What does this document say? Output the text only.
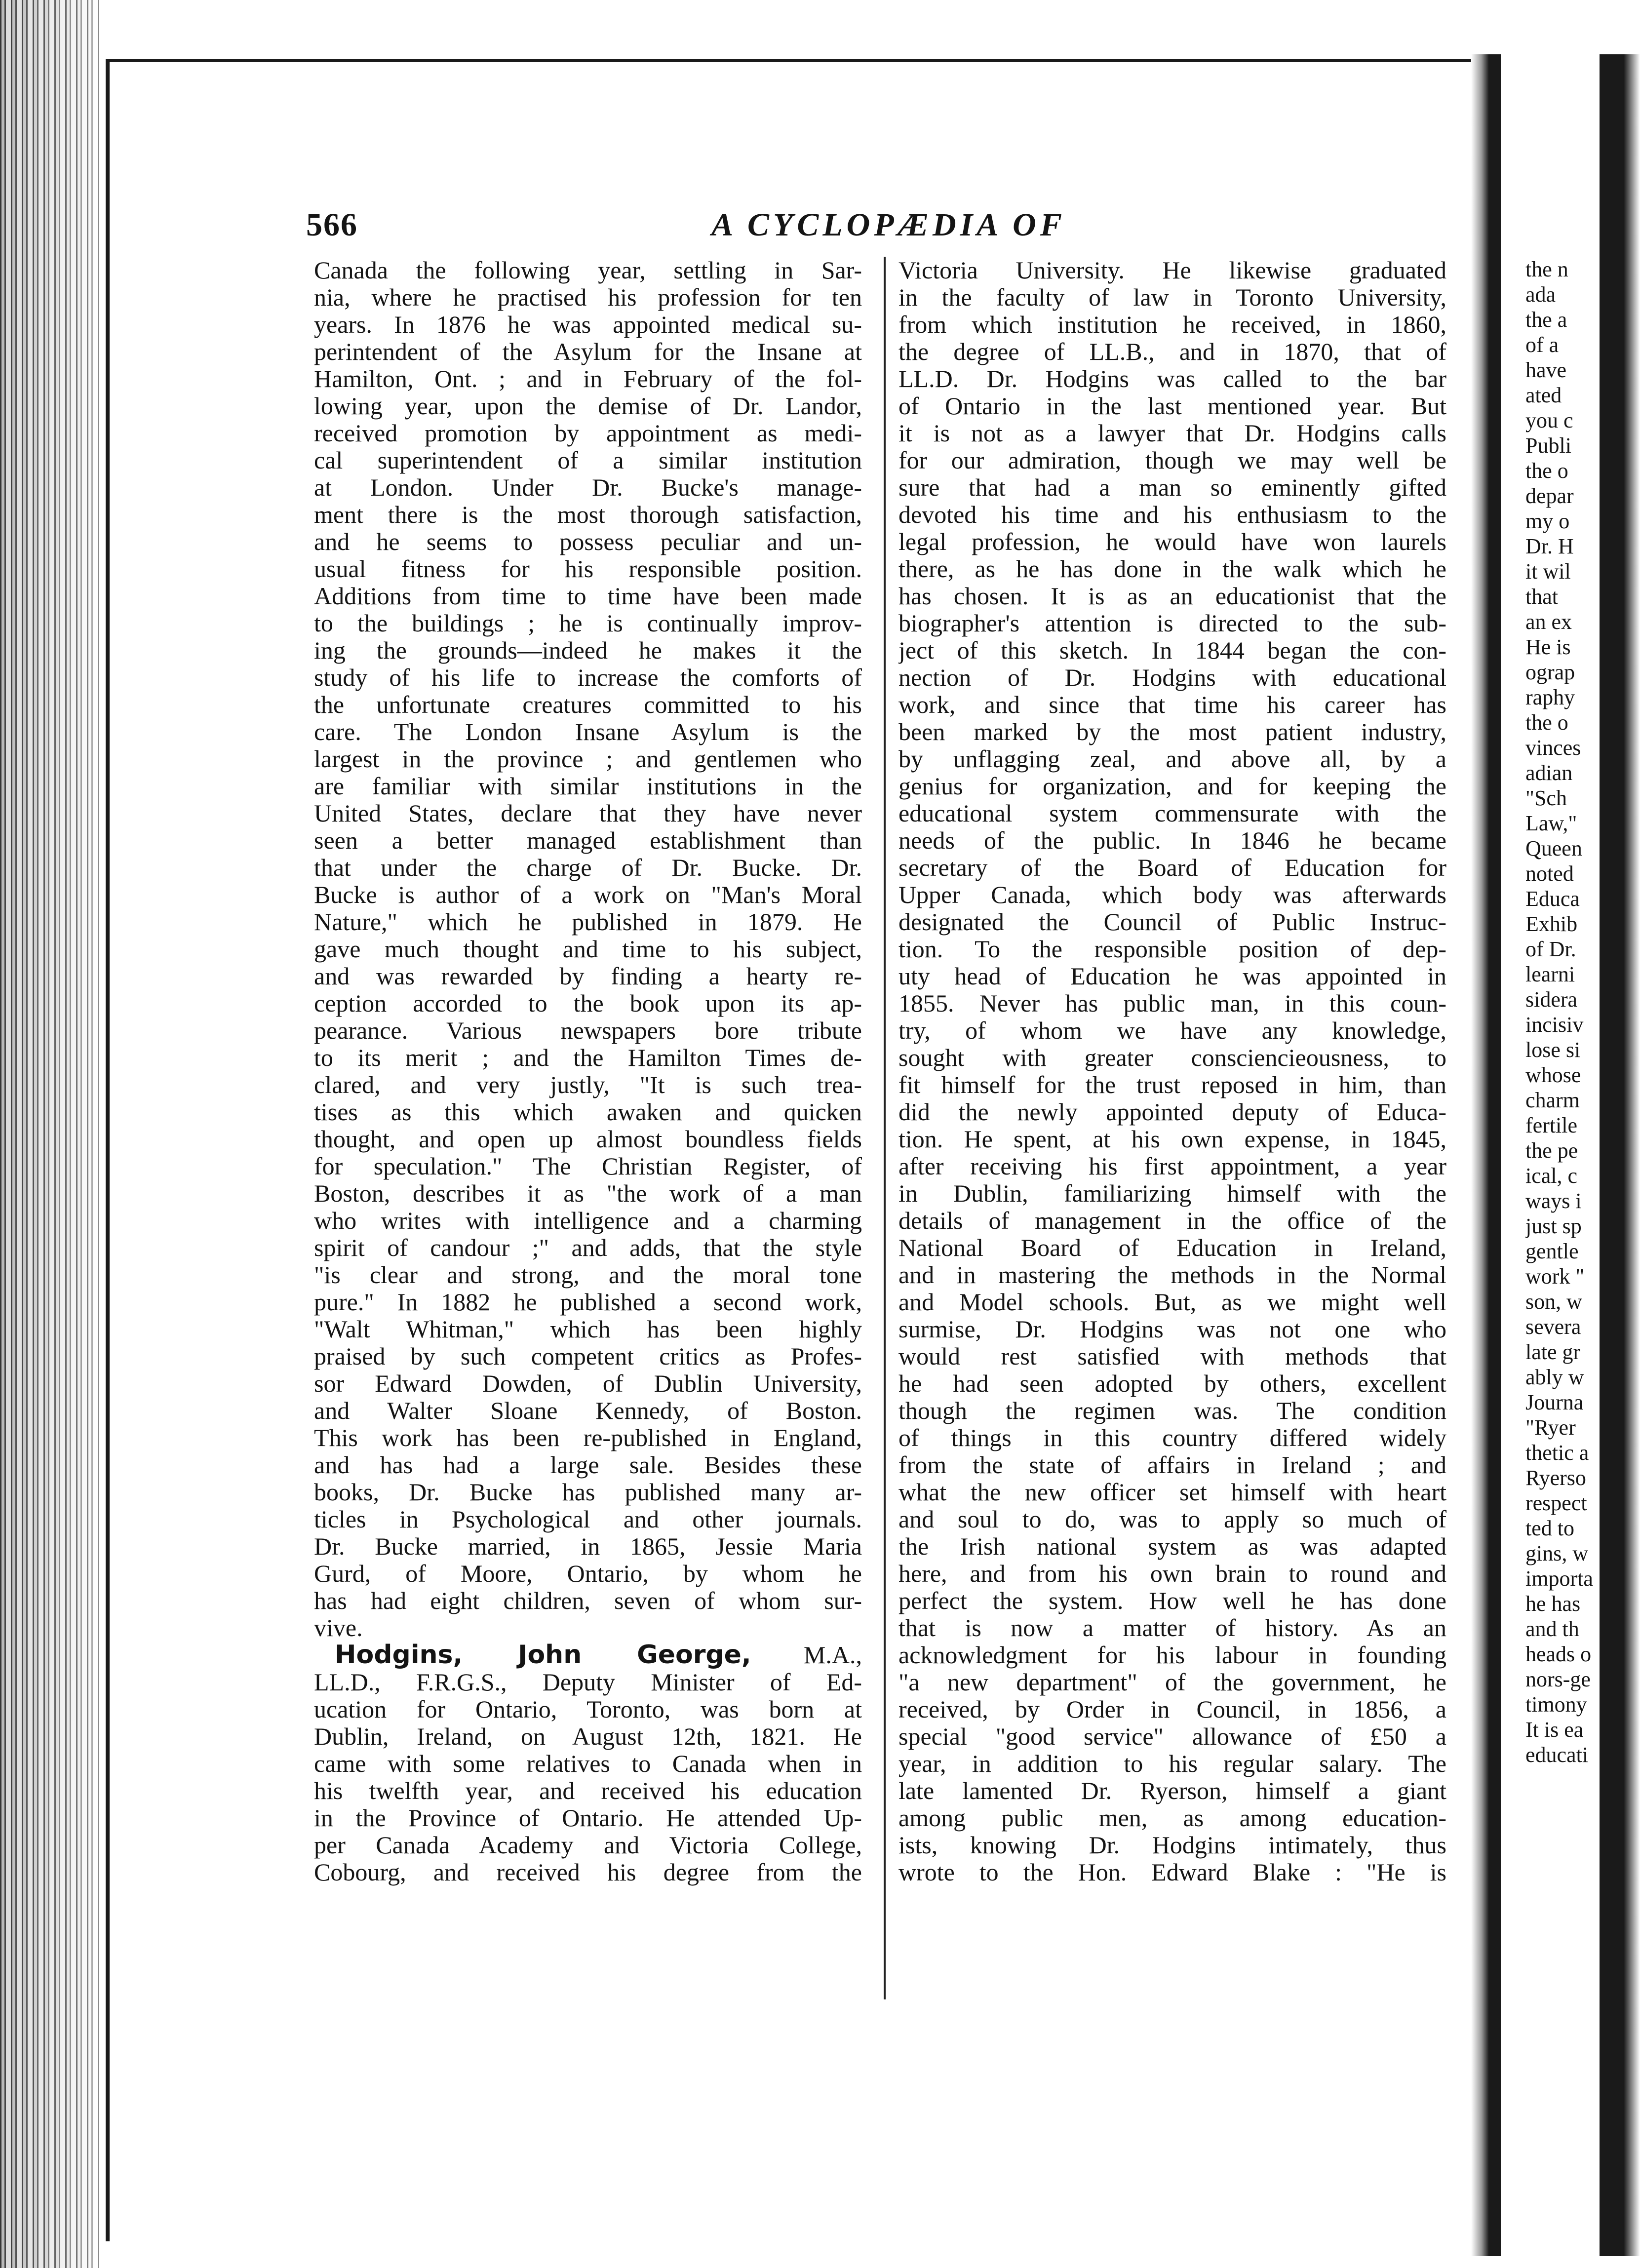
566	A CYCLOPÆDIA OF
Canada the following year, settling in Sar-
nia, where he practised his profession for ten
years. In 1876 he was appointed medical su-
perintendent of the Asylum for the Insane at
Hamilton, Ont. ; and in February of the fol-
lowing year, upon the demise of Dr. Landor,
received promotion by appointment as medi-
cal superintendent of a similar institution
at London. Under Dr. Bucke's manage-
ment there is the most thorough satisfaction,
and he seems to possess peculiar and un-
usual fitness for his responsible position.
Additions from time to time have been made
to the buildings ; he is continually improv-
ing the grounds—indeed he makes it the
study of his life to increase the comforts of
the unfortunate creatures committed to his
care. The London Insane Asylum is the
largest in the province ; and gentlemen who
are familiar with similar institutions in the
United States, declare that they have never
seen a better managed establishment than
that under the charge of Dr. Bucke. Dr.
Bucke is author of a work on "Man's Moral
Nature," which he published in 1879. He
gave much thought and time to his subject,
and was rewarded by finding a hearty re-
ception accorded to the book upon its ap-
pearance. Various newspapers bore tribute
to its merit ; and the Hamilton Times de-
clared, and very justly, "It is such trea-
tises as this which awaken and quicken
thought, and open up almost boundless fields
for speculation." The Christian Register, of
Boston, describes it as "the work of a man
who writes with intelligence and a charming
spirit of candour ;" and adds, that the style
"is clear and strong, and the moral tone
pure." In 1882 he published a second work,
"Walt Whitman," which has been highly
praised by such competent critics as Profes-
sor Edward Dowden, of Dublin University,
and Walter Sloane Kennedy, of Boston.
This work has been re-published in England,
and has had a large sale. Besides these
books, Dr. Bucke has published many ar-
ticles in Psychological and other journals.
Dr. Bucke married, in 1865, Jessie Maria
Gurd, of Moore, Ontario, by whom he
has had eight children, seven of whom sur-
vive.
Hodgins, John George, M.A.,
LL.D., F.R.G.S., Deputy Minister of Ed-
ucation for Ontario, Toronto, was born at
Dublin, Ireland, on August 12th, 1821. He
came with some relatives to Canada when in
his twelfth year, and received his education
in the Province of Ontario. He attended Up-
per Canada Academy and Victoria College,
Cobourg, and received his degree from the
Victoria University. He likewise graduated
in the faculty of law in Toronto University,
from which institution he received, in 1860,
the degree of LL.B., and in 1870, that of
LL.D. Dr. Hodgins was called to the bar
of Ontario in the last mentioned year. But
it is not as a lawyer that Dr. Hodgins calls
for our admiration, though we may well be
sure that had a man so eminently gifted
devoted his time and his enthusiasm to the
legal profession, he would have won laurels
there, as he has done in the walk which he
has chosen. It is as an educationist that the
biographer's attention is directed to the sub-
ject of this sketch. In 1844 began the con-
nection of Dr. Hodgins with educational
work, and since that time his career has
been marked by the most patient industry,
by unflagging zeal, and above all, by a
genius for organization, and for keeping the
educational system commensurate with the
needs of the public. In 1846 he became
secretary of the Board of Education for
Upper Canada, which body was afterwards
designated the Council of Public Instruc-
tion. To the responsible position of dep-
uty head of Education he was appointed in
1855. Never has public man, in this coun-
try, of whom we have any knowledge,
sought with greater consciencieousness, to
fit himself for the trust reposed in him, than
did the newly appointed deputy of Educa-
tion. He spent, at his own expense, in 1845,
after receiving his first appointment, a year
in Dublin, familiarizing himself with the
details of management in the office of the
National Board of Education in Ireland,
and in mastering the methods in the Normal
and Model schools. But, as we might well
surmise, Dr. Hodgins was not one who
would rest satisfied with methods that
he had seen adopted by others, excellent
though the regimen was. The condition
of things in this country differed widely
from the state of affairs in Ireland ; and
what the new officer set himself with heart
and soul to do, was to apply so much of
the Irish national system as was adapted
here, and from his own brain to round and
perfect the system. How well he has done
that is now a matter of history. As an
acknowledgment for his labour in founding
"a new department" of the government, he
received, by Order in Council, in 1856, a
special "good service" allowance of £50 a
year, in addition to his regular salary. The
late lamented Dr. Ryerson, himself a giant
among public men, as among education-
ists, knowing Dr. Hodgins intimately, thus
wrote to the Hon. Edward Blake : "He is
the n
ada
the a
of a
have
ated
you c
Publi
the o
depar
my o
Dr. H
it wil
that
an ex
He is
ograp
raphy
the o
vinces
adian
"Sch
Law,"
Queen
noted
Educa
Exhib
of Dr.
learni
sidera
incisiv
lose si
whose
charm
fertile
the pe
ical, c
ways i
just sp
gentle
work "
son, w
severa
late gr
ably w
Journa
"Ryer
thetic a
Ryerso
respect
ted to
gins, w
importa
he has
and th
heads o
nors-ge
timony
It is ea
educati
